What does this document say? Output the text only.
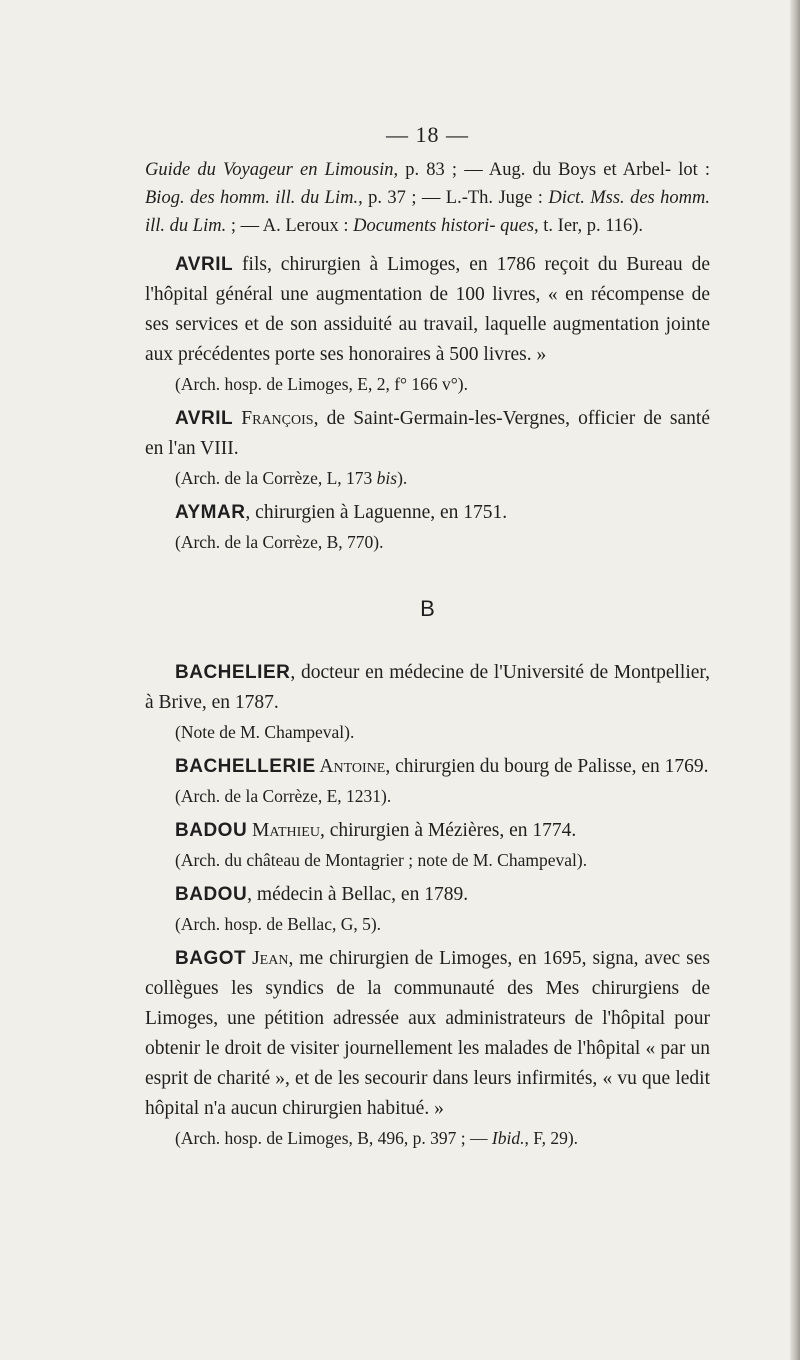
— 18 —

Guide du Voyageur en Limousin, p. 83 ; — Aug. du Boys et Arbel- lot : Biog. des homm. ill. du Lim., p. 37 ; — L.-Th. Juge : Dict. Mss. des homm. ill. du Lim. ; — A. Leroux : Documents histori- ques, t. Ier, p. 116).

AVRIL fils, chirurgien à Limoges, en 1786 reçoit du Bureau de l'hôpital général une augmentation de 100 livres, « en récompense de ses services et de son assiduité au travail, laquelle augmentation jointe aux précédentes porte ses honoraires à 500 livres. »

(Arch. hosp. de Limoges, E, 2, f° 166 v°).

AVRIL François, de Saint-Germain-les-Vergnes, officier de santé en l'an VIII.

(Arch. de la Corrèze, L, 173 bis).

AYMAR, chirurgien à Laguenne, en 1751.

(Arch. de la Corrèze, B, 770).

B

BACHELIER, docteur en médecine de l'Université de Montpellier, à Brive, en 1787.

(Note de M. Champeval).

BACHELLERIE Antoine, chirurgien du bourg de Palisse, en 1769.

(Arch. de la Corrèze, E, 1231).

BADOU Mathieu, chirurgien à Mézières, en 1774.

(Arch. du château de Montagrier ; note de M. Champeval).

BADOU, médecin à Bellac, en 1789.

(Arch. hosp. de Bellac, G, 5).

BAGOT Jean, me chirurgien de Limoges, en 1695, signa, avec ses collègues les syndics de la communauté des Mes chirurgiens de Limoges, une pétition adressée aux administrateurs de l'hôpital pour obtenir le droit de visiter journellement les malades de l'hôpital « par un esprit de charité », et de les secourir dans leurs infirmités, « vu que ledit hôpital n'a aucun chirurgien habitué. »

(Arch. hosp. de Limoges, B, 496, p. 397 ; — Ibid., F, 29).
